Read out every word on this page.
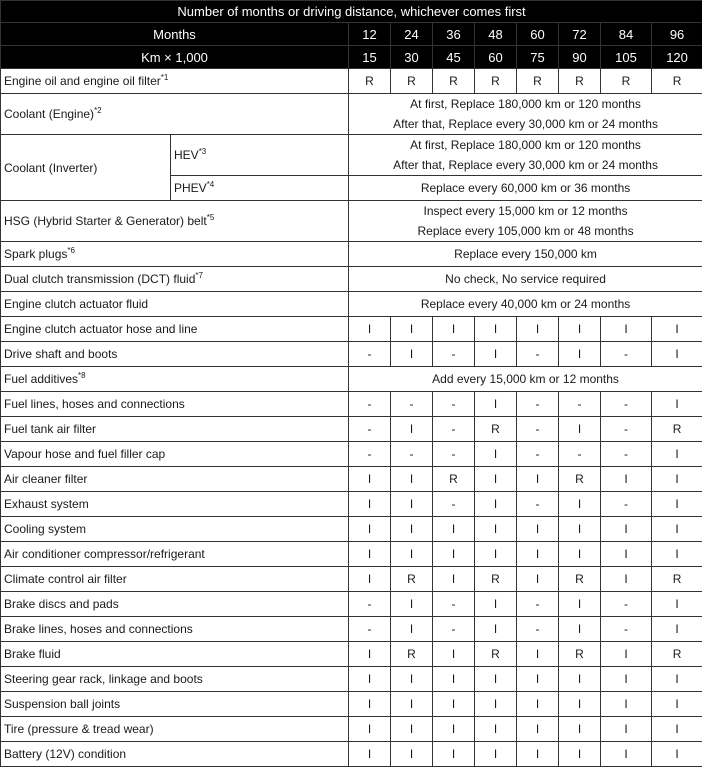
Number of months or driving distance, whichever comes first									
Months		12	24	36	48	60	72	84	96
Km × 1,000		15	30	45	60	75	90	105	120
Engine oil and engine oil filter$^{*1}$		R	R	R	R	R	R	R	R
Coolant (Engine)$^{*2}$		At first, Replace 180,000 km or 120 months
After that, Replace every 30,000 km or 24 months							

Coolant (Inverter)	HEV$^{*3}$	At first, Replace 180,000 km or 120 months
After that, Replace every 30,000 km or 24 months							

	PHEV$^{*4}$	Replace every 60,000 km or 36 months							
HSG (Hybrid Starter & Generator) belt$^{*5}$		Inspect every 15,000 km or 12 months
Replace every 105,000 km or 48 months							

Spark plugs$^{*6}$		Replace every 150,000 km							
Dual clutch transmission (DCT) fluid$^{*7}$		No check, No service required							
Engine clutch actuator fluid		Replace every 40,000 km or 24 months							
Engine clutch actuator hose and line		I	I	I	I	I	I	I	I
Drive shaft and boots		-	I	-	I	-	I	-	I
Fuel additives$^{*8}$		Add every 15,000 km or 12 months							
Fuel lines, hoses and connections		-	-	-	I	-	-	-	I
Fuel tank air filter		-	I	-	R	-	I	-	R
Vapour hose and fuel filler cap		-	-	-	I	-	-	-	I
Air cleaner filter		I	I	R	I	I	R	I	I
Exhaust system		I	I	-	I	-	I	-	I
Cooling system		I	I	I	I	I	I	I	I
Air conditioner compressor/refrigerant		I	I	I	I	I	I	I	I
Climate control air filter		I	R	I	R	I	R	I	R
Brake discs and pads		-	I	-	I	-	I	-	I
Brake lines, hoses and connections		-	I	-	I	-	I	-	I
Brake fluid		I	R	I	R	I	R	I	R
Steering gear rack, linkage and boots		I	I	I	I	I	I	I	I
Suspension ball joints		I	I	I	I	I	I	I	I
Tire (pressure & tread wear)		I	I	I	I	I	I	I	I
Battery (12V) condition		I	I	I	I	I	I	I	I
